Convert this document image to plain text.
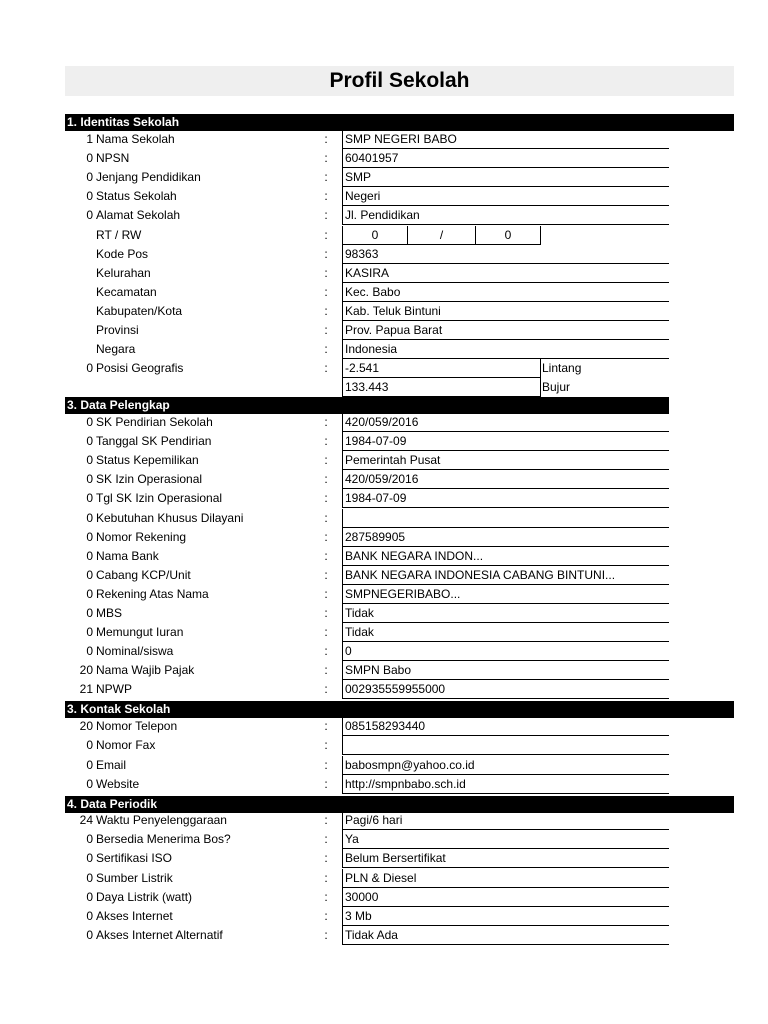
Profil Sekolah
1. Identitas Sekolah
1 Nama Sekolah	: SMP NEGERI BABO
0 NPSN	: 60401957
0 Jenjang Pendidikan	: SMP
0 Status Sekolah	: Negeri
0 Alamat Sekolah	: Jl. Pendidikan
RT / RW	:	0	/	0
Kode Pos	: 98363
Kelurahan	: KASIRA
Kecamatan	: Kec. Babo
Kabupaten/Kota	: Kab. Teluk Bintuni
Provinsi	: Prov. Papua Barat
Negara	: Indonesia
0 Posisi Geografis	: -2.541	Lintang
133.443	Bujur
3. Data Pelengkap
0 SK Pendirian Sekolah	: 420/059/2016
0 Tanggal SK Pendirian	: 1984-07-09
0 Status Kepemilikan	: Pemerintah Pusat
0 SK Izin Operasional	: 420/059/2016
0 Tgl SK Izin Operasional	: 1984-07-09
0 Kebutuhan Khusus Dilayani	:
0 Nomor Rekening	: 287589905
0 Nama Bank	: BANK NEGARA INDON...
0 Cabang KCP/Unit	: BANK NEGARA INDONESIA CABANG BINTUNI...
0 Rekening Atas Nama	: SMPNEGERIBABO...
0 MBS	: Tidak
0 Memungut Iuran	: Tidak
0 Nominal/siswa	: 0
20 Nama Wajib Pajak	: SMPN Babo
21 NPWP	: 002935559955000
3. Kontak Sekolah
20 Nomor Telepon	: 085158293440
0 Nomor Fax	:
0 Email	: babosmpn@yahoo.co.id
0 Website	: http://smpnbabo.sch.id
4. Data Periodik
24 Waktu Penyelenggaraan	: Pagi/6 hari
0 Bersedia Menerima Bos?	: Ya
0 Sertifikasi ISO	: Belum Bersertifikat
0 Sumber Listrik	: PLN & Diesel
0 Daya Listrik (watt)	: 30000
0 Akses Internet	: 3 Mb
0 Akses Internet Alternatif	: Tidak Ada
